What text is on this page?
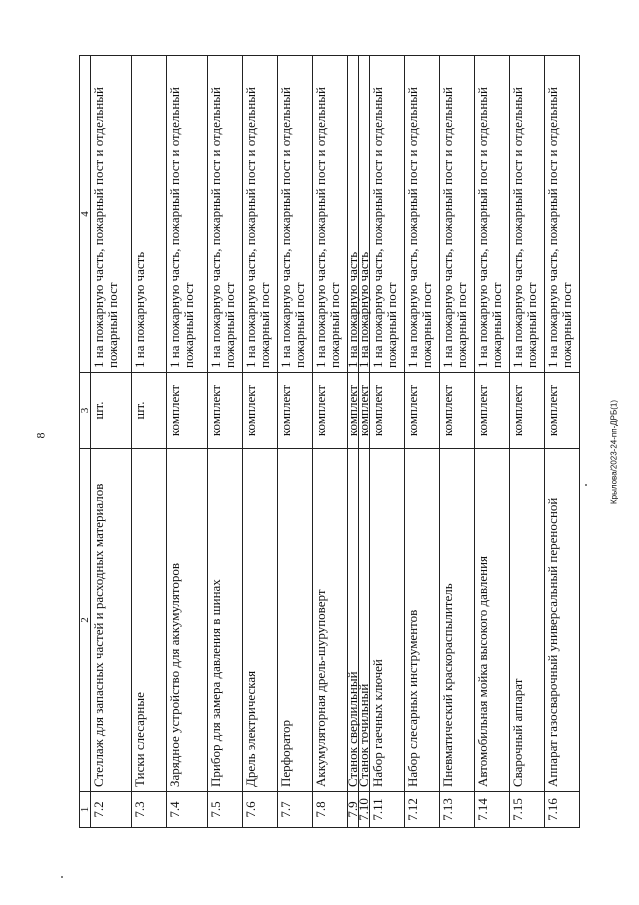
8	Крылова/2023-24-пп-ДРБ(1)
1	2	3	4
7.2	Стеллаж для запасных частей и расходных материалов	шт.	1 на пожарную часть, пожарный пост и отдельный пожарный пост
7.3	Тиски слесарные	шт.	1 на пожарную часть
7.4	Зарядное устройство для аккумуляторов	комплект	1 на пожарную часть, пожарный пост и отдельный пожарный пост
7.5	Прибор для замера давления в шинах	комплект	1 на пожарную часть, пожарный пост и отдельный пожарный пост
7.6	Дрель электрическая	комплект	1 на пожарную часть, пожарный пост и отдельный пожарный пост
7.7	Перфоратор	комплект	1 на пожарную часть, пожарный пост и отдельный пожарный пост
7.8	Аккумуляторная дрель-шуруповерт	комплект	1 на пожарную часть, пожарный пост и отдельный пожарный пост
7.9	Станок сверлильный	комплект	1 на пожарную часть
7.10	Станок точильный	комплект	1 на пожарную часть
7.11	Набор гаечных ключей	комплект	1 на пожарную часть, пожарный пост и отдельный пожарный пост
7.12	Набор слесарных инструментов	комплект	1 на пожарную часть, пожарный пост и отдельный пожарный пост
7.13	Пневматический краскораспылитель	комплект	1 на пожарную часть, пожарный пост и отдельный пожарный пост
7.14	Автомобильная мойка высокого давления	комплект	1 на пожарную часть, пожарный пост и отдельный пожарный пост
7.15	Сварочный аппарат	комплект	1 на пожарную часть, пожарный пост и отдельный пожарный пост
7.16	Аппарат газосварочный универсальный переносной	комплект	1 на пожарную часть, пожарный пост и отдельный пожарный пост
